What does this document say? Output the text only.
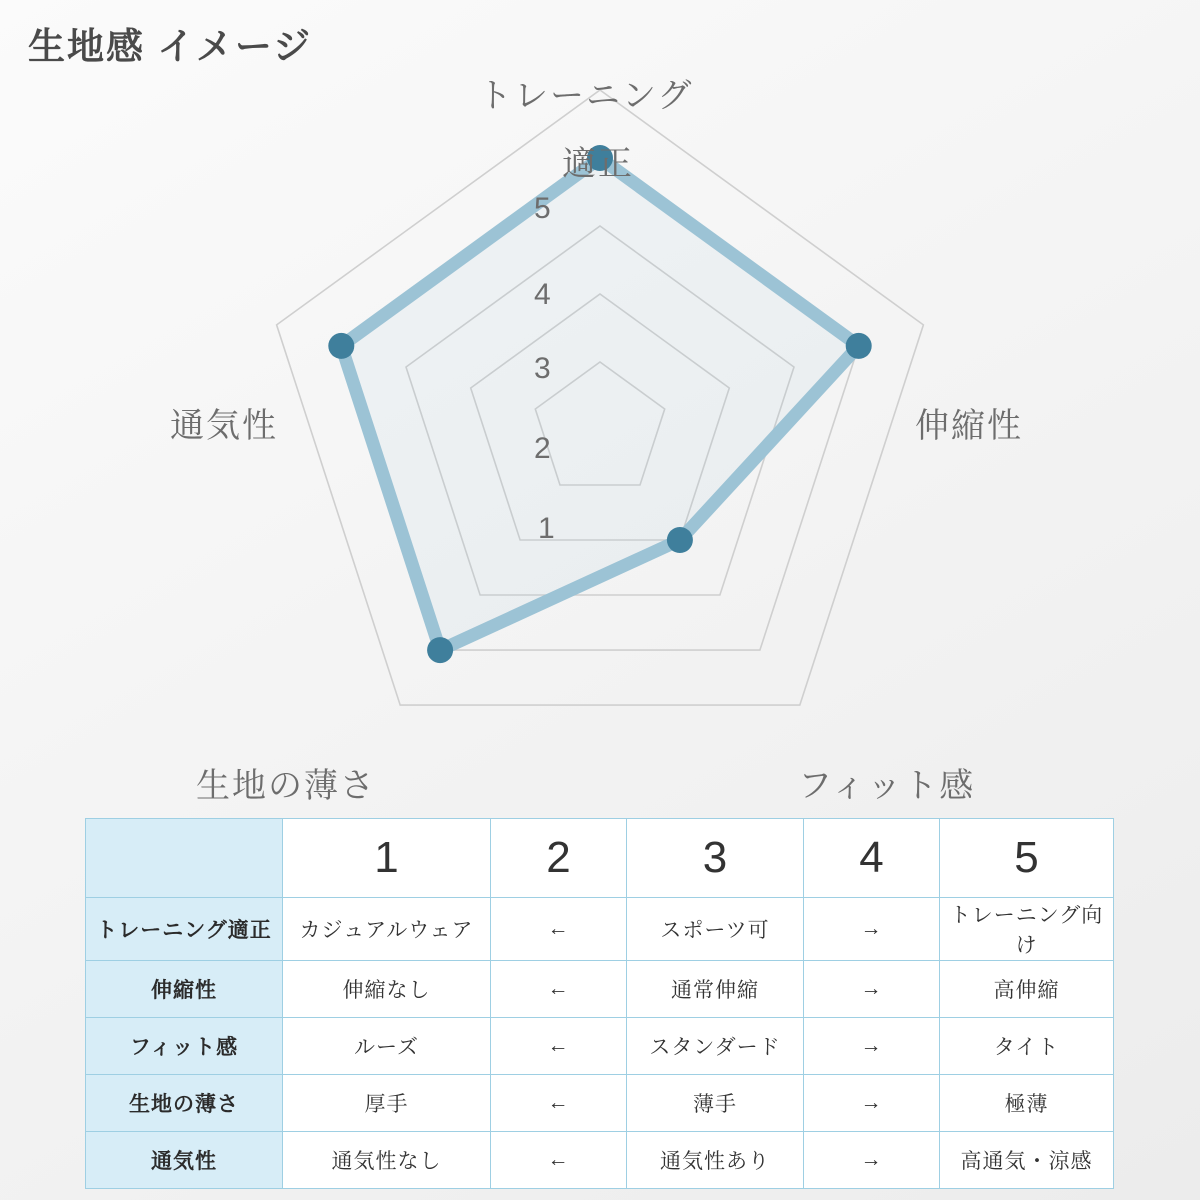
生地感 イメージ
トレーニング
適正
伸縮性
フィット感
生地の薄さ
通気性
5
4
3
2
1
	1	2	3	4	5
トレーニング適正	カジュアルウェア	←	スポーツ可	→	トレーニング向け
伸縮性	伸縮なし	←	通常伸縮	→	高伸縮
フィット感	ルーズ	←	スタンダード	→	タイト
生地の薄さ	厚手	←	薄手	→	極薄
通気性	通気性なし	←	通気性あり	→	高通気・涼感
